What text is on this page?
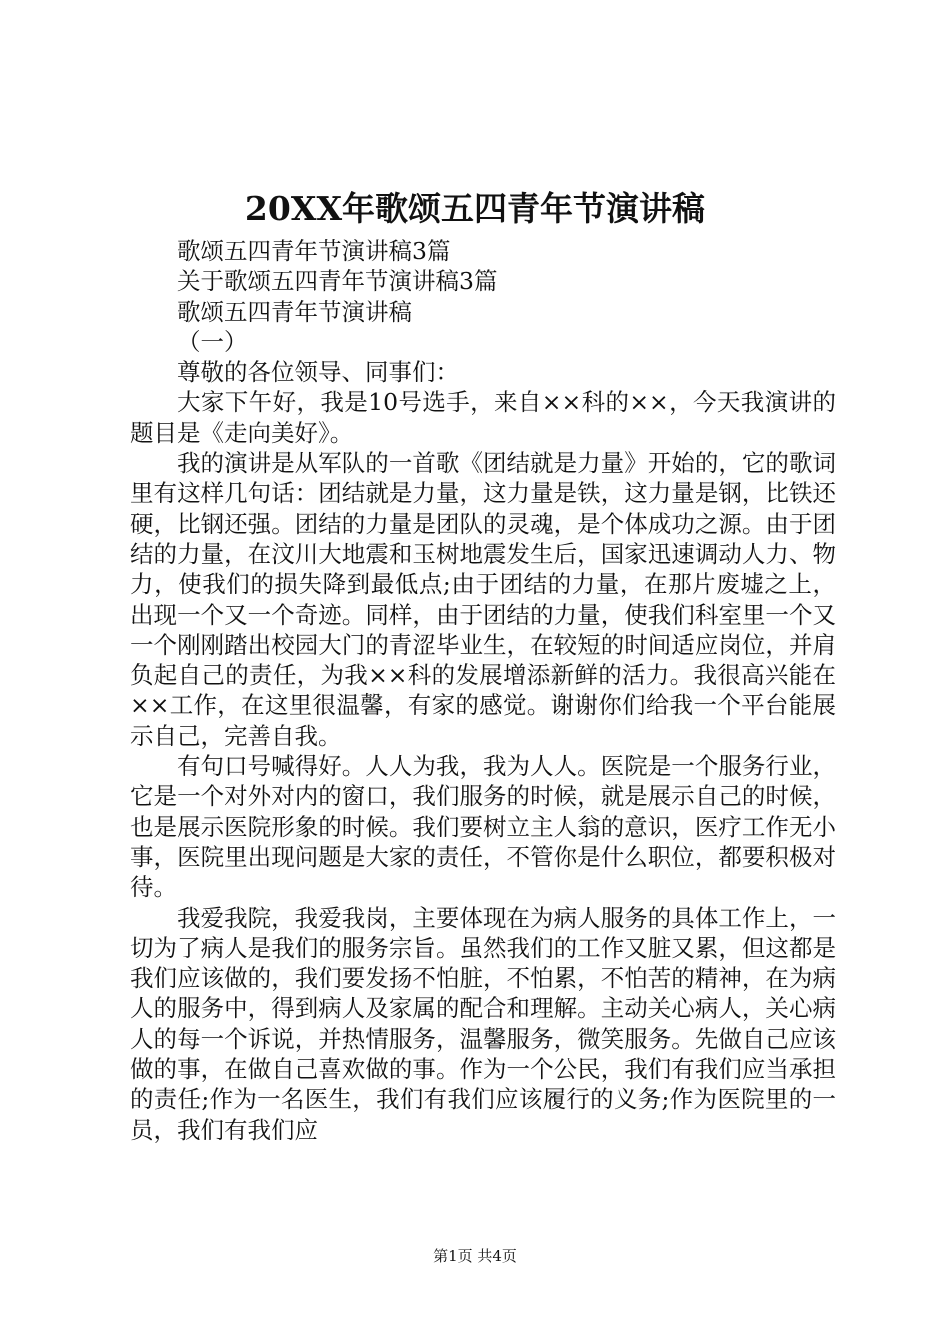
20XX年歌颂五四青年节演讲稿

歌颂五四青年节演讲稿3篇

关于歌颂五四青年节演讲稿3篇

歌颂五四青年节演讲稿

（一）

尊敬的各位领导、同事们：

大家下午好，我是10号选手，来自××科的××，今天我演讲的题目是《走向美好》。

我的演讲是从军队的一首歌《团结就是力量》开始的，它的歌词里有这样几句话：团结就是力量，这力量是铁，这力量是钢，比铁还硬，比钢还强。团结的力量是团队的灵魂，是个体成功之源。由于团结的力量，在汶川大地震和玉树地震发生后，国家迅速调动人力、物力，使我们的损失降到最低点;由于团结的力量，在那片废墟之上，出现一个又一个奇迹。同样，由于团结的力量，使我们科室里一个又一个刚刚踏出校园大门的青涩毕业生，在较短的时间适应岗位，并肩负起自己的责任，为我××科的发展增添新鲜的活力。我很高兴能在××工作，在这里很温馨，有家的感觉。谢谢你们给我一个平台能展示自己，完善自我。

有句口号喊得好。人人为我，我为人人。医院是一个服务行业，它是一个对外对内的窗口，我们服务的时候，就是展示自己的时候，也是展示医院形象的时候。我们要树立主人翁的意识，医疗工作无小事，医院里出现问题是大家的责任，不管你是什么职位，都要积极对待。

我爱我院，我爱我岗，主要体现在为病人服务的具体工作上，一切为了病人是我们的服务宗旨。虽然我们的工作又脏又累，但这都是我们应该做的，我们要发扬不怕脏，不怕累，不怕苦的精神，在为病人的服务中，得到病人及家属的配合和理解。主动关心病人，关心病人的每一个诉说，并热情服务，温馨服务，微笑服务。先做自己应该做的事，在做自己喜欢做的事。作为一个公民，我们有我们应当承担的责任;作为一名医生，我们有我们应该履行的义务;作为医院里的一员，我们有我们应

第1页 共4页
